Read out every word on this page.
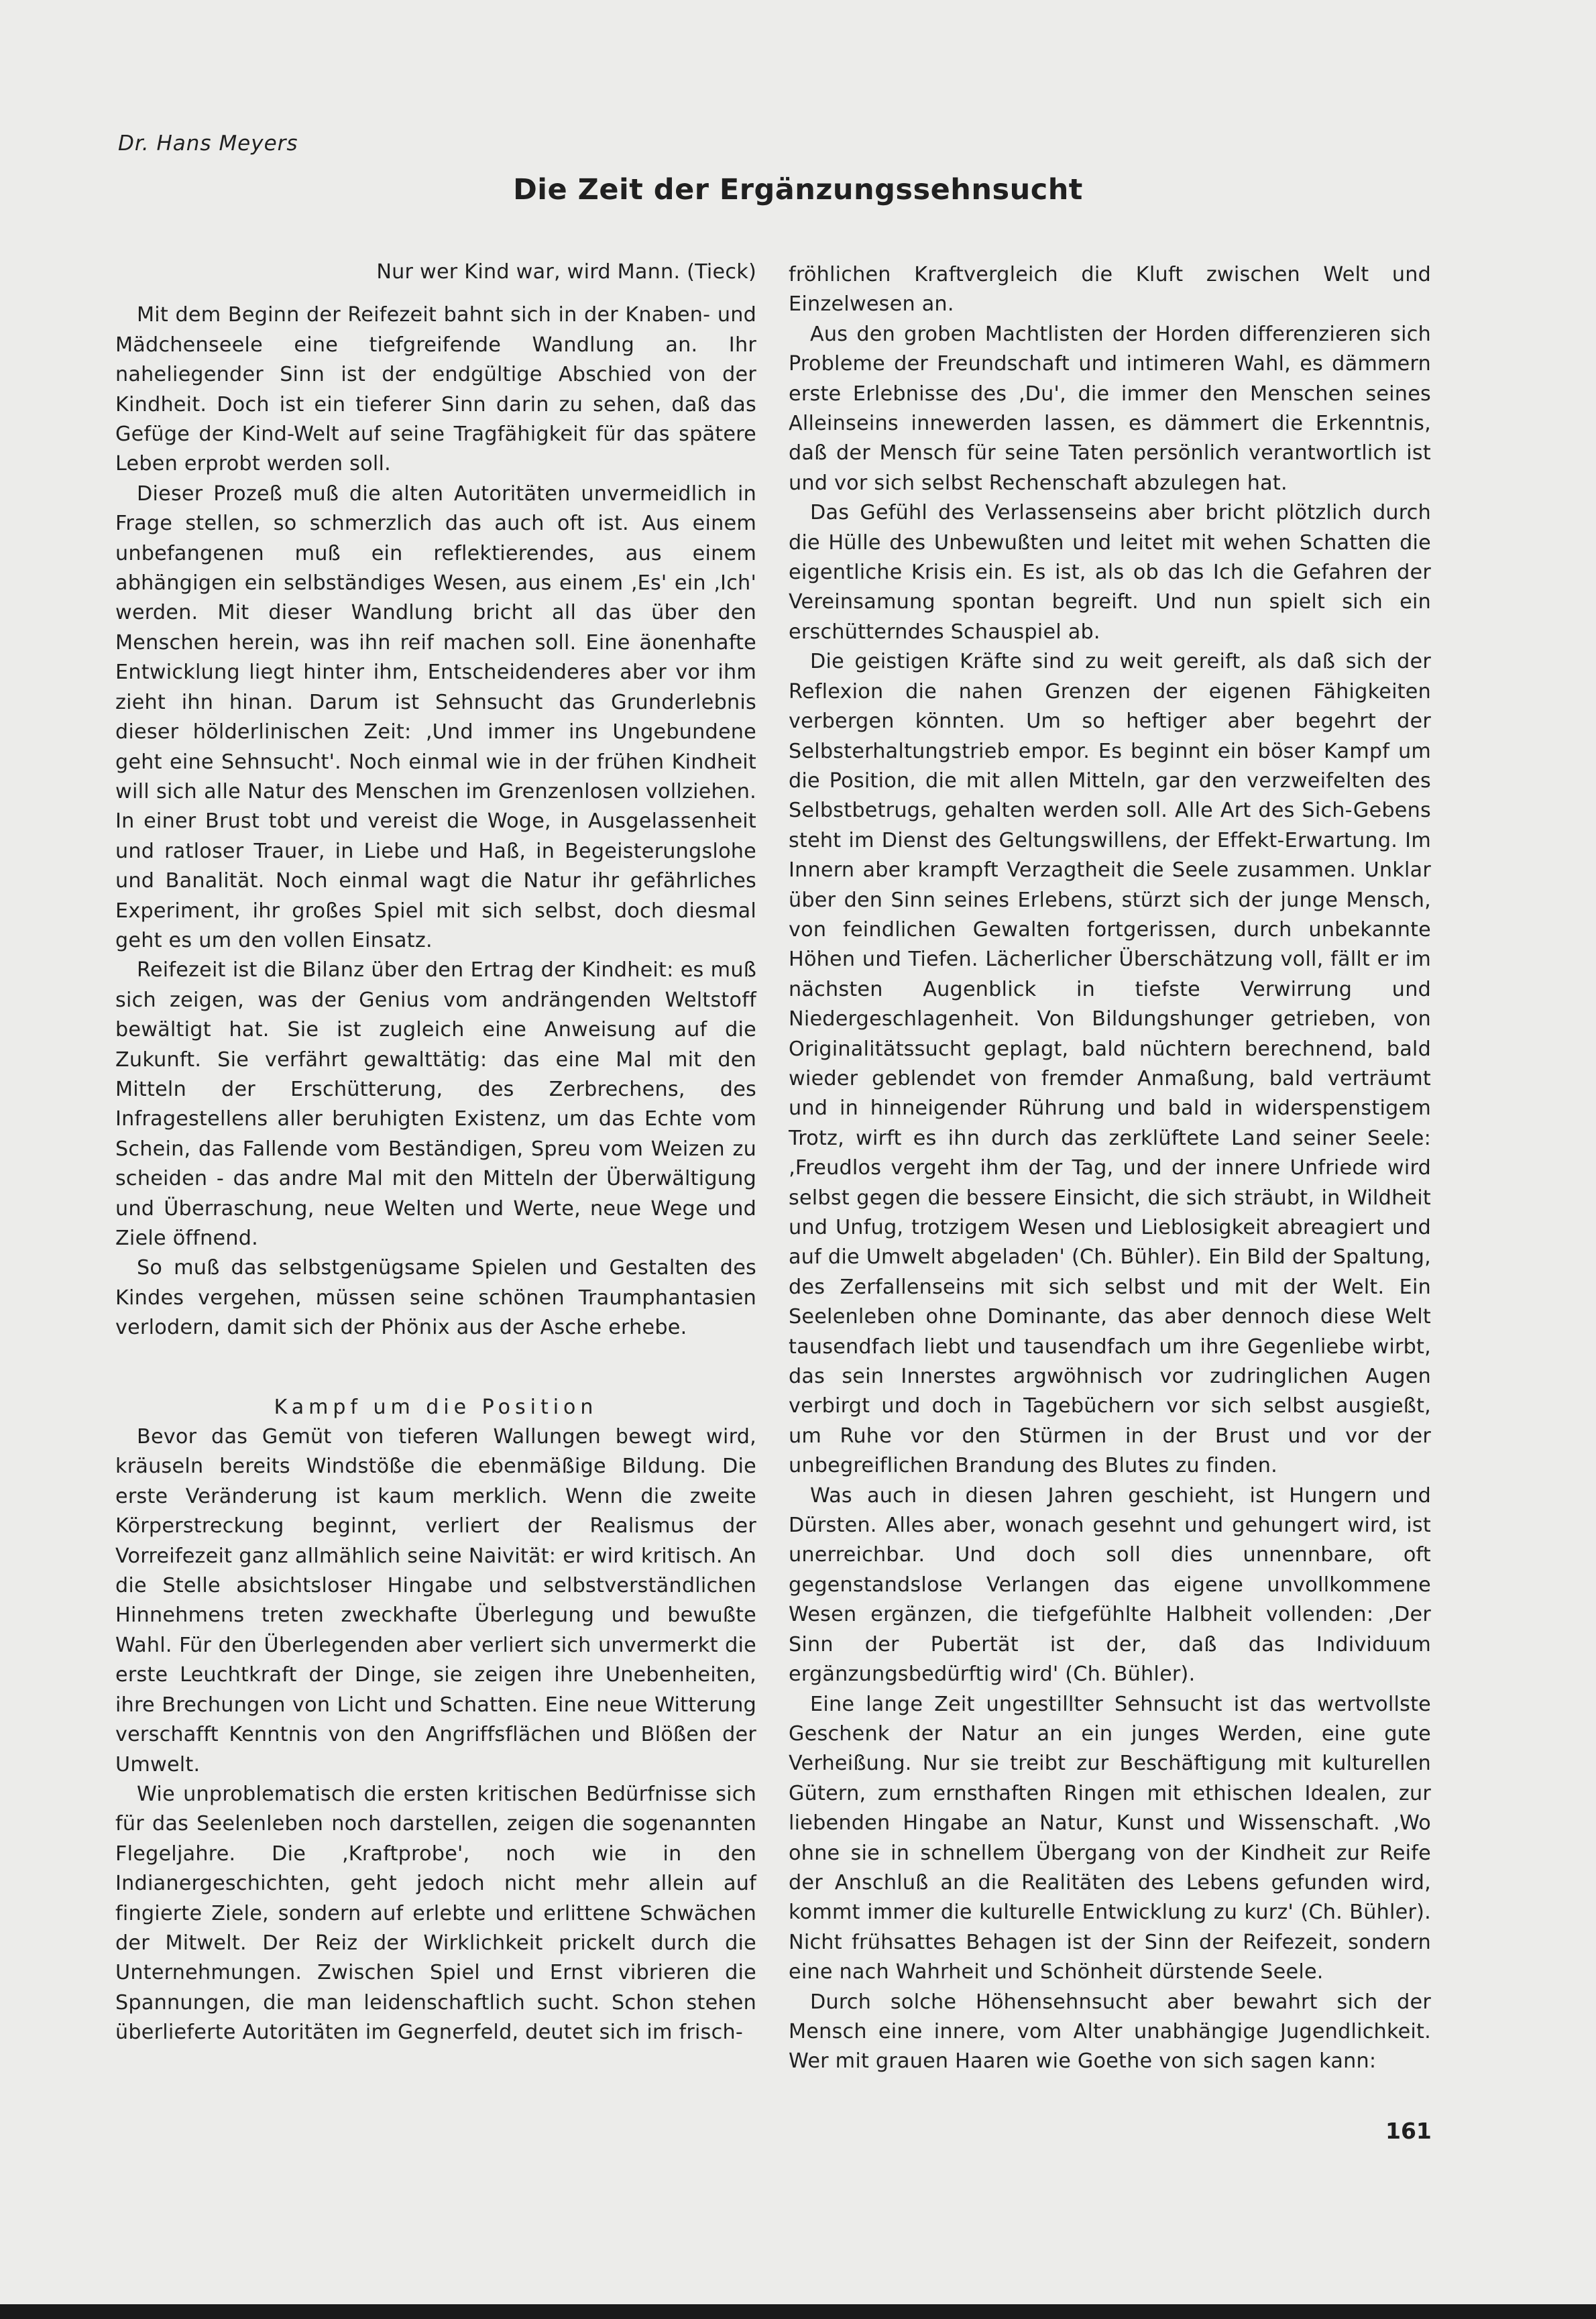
Dr. Hans Meyers
Die Zeit der Ergänzungssehnsucht

Nur wer Kind war, wird Mann. (Tieck)

Mit dem Beginn der Reifezeit bahnt sich in der Knaben- und Mädchenseele eine tiefgreifende Wandlung an. Ihr naheliegender Sinn ist der endgültige Abschied von der Kindheit. Doch ist ein tieferer Sinn darin zu sehen, daß das Gefüge der Kind-Welt auf seine Tragfähigkeit für das spätere Leben erprobt werden soll.

Dieser Prozeß muß die alten Autoritäten unvermeidlich in Frage stellen, so schmerzlich das auch oft ist. Aus einem unbefangenen muß ein reflektierendes, aus einem abhängigen ein selbständiges Wesen, aus einem ‚Es' ein ‚Ich' werden. Mit dieser Wandlung bricht all das über den Menschen herein, was ihn reif machen soll. Eine äonenhafte Entwicklung liegt hinter ihm, Entscheidenderes aber vor ihm zieht ihn hinan. Darum ist Sehnsucht das Grunderlebnis dieser hölderlinischen Zeit: ‚Und immer ins Ungebundene geht eine Sehnsucht'. Noch einmal wie in der frühen Kindheit will sich alle Natur des Menschen im Grenzenlosen vollziehen. In einer Brust tobt und vereist die Woge, in Ausgelassenheit und ratloser Trauer, in Liebe und Haß, in Begeisterungslohe und Banalität. Noch einmal wagt die Natur ihr gefährliches Experiment, ihr großes Spiel mit sich selbst, doch diesmal geht es um den vollen Einsatz.

Reifezeit ist die Bilanz über den Ertrag der Kindheit: es muß sich zeigen, was der Genius vom andrängenden Weltstoff bewältigt hat. Sie ist zugleich eine Anweisung auf die Zukunft. Sie verfährt gewalttätig: das eine Mal mit den Mitteln der Erschütterung, des Zerbrechens, des Infragestellens aller beruhigten Existenz, um das Echte vom Schein, das Fallende vom Beständigen, Spreu vom Weizen zu scheiden - das andre Mal mit den Mitteln der Überwältigung und Überraschung, neue Welten und Werte, neue Wege und Ziele öffnend.

So muß das selbstgenügsame Spielen und Gestalten des Kindes vergehen, müssen seine schönen Traumphantasien verlodern, damit sich der Phönix aus der Asche erhebe.

Kampf um die Position

Bevor das Gemüt von tieferen Wallungen bewegt wird, kräuseln bereits Windstöße die ebenmäßige Bildung. Die erste Veränderung ist kaum merklich. Wenn die zweite Körperstreckung beginnt, verliert der Realismus der Vorreifezeit ganz allmählich seine Naivität: er wird kritisch. An die Stelle absichtsloser Hingabe und selbstverständlichen Hinnehmens treten zweckhafte Überlegung und bewußte Wahl. Für den Überlegenden aber verliert sich unvermerkt die erste Leuchtkraft der Dinge, sie zeigen ihre Unebenheiten, ihre Brechungen von Licht und Schatten. Eine neue Witterung verschafft Kenntnis von den Angriffsflächen und Blößen der Umwelt.

Wie unproblematisch die ersten kritischen Bedürfnisse sich für das Seelenleben noch darstellen, zeigen die sogenannten Flegeljahre. Die ‚Kraftprobe', noch wie in den Indianergeschichten, geht jedoch nicht mehr allein auf fingierte Ziele, sondern auf erlebte und erlittene Schwächen der Mitwelt. Der Reiz der Wirklichkeit prickelt durch die Unternehmungen. Zwischen Spiel und Ernst vibrieren die Spannungen, die man leidenschaftlich sucht. Schon stehen überlieferte Autoritäten im Gegnerfeld, deutet sich im frisch-

fröhlichen Kraftvergleich die Kluft zwischen Welt und Einzelwesen an.

Aus den groben Machtlisten der Horden differenzieren sich Probleme der Freundschaft und intimeren Wahl, es dämmern erste Erlebnisse des ‚Du', die immer den Menschen seines Alleinseins innewerden lassen, es dämmert die Erkenntnis, daß der Mensch für seine Taten persönlich verantwortlich ist und vor sich selbst Rechenschaft abzulegen hat.

Das Gefühl des Verlassenseins aber bricht plötzlich durch die Hülle des Unbewußten und leitet mit wehen Schatten die eigentliche Krisis ein. Es ist, als ob das Ich die Gefahren der Vereinsamung spontan begreift. Und nun spielt sich ein erschütterndes Schauspiel ab.

Die geistigen Kräfte sind zu weit gereift, als daß sich der Reflexion die nahen Grenzen der eigenen Fähigkeiten verbergen könnten. Um so heftiger aber begehrt der Selbsterhaltungstrieb empor. Es beginnt ein böser Kampf um die Position, die mit allen Mitteln, gar den verzweifelten des Selbstbetrugs, gehalten werden soll. Alle Art des Sich-Gebens steht im Dienst des Geltungswillens, der Effekt-Erwartung. Im Innern aber krampft Verzagtheit die Seele zusammen. Unklar über den Sinn seines Erlebens, stürzt sich der junge Mensch, von feindlichen Gewalten fortgerissen, durch unbekannte Höhen und Tiefen. Lächerlicher Überschätzung voll, fällt er im nächsten Augenblick in tiefste Verwirrung und Niedergeschlagenheit. Von Bildungshunger getrieben, von Originalitätssucht geplagt, bald nüchtern berechnend, bald wieder geblendet von fremder Anmaßung, bald verträumt und in hinneigender Rührung und bald in widerspenstigem Trotz, wirft es ihn durch das zerklüftete Land seiner Seele: ‚Freudlos vergeht ihm der Tag, und der innere Unfriede wird selbst gegen die bessere Einsicht, die sich sträubt, in Wildheit und Unfug, trotzigem Wesen und Lieblosigkeit abreagiert und auf die Umwelt abgeladen' (Ch. Bühler). Ein Bild der Spaltung, des Zerfallenseins mit sich selbst und mit der Welt. Ein Seelenleben ohne Dominante, das aber dennoch diese Welt tausendfach liebt und tausendfach um ihre Gegenliebe wirbt, das sein Innerstes argwöhnisch vor zudringlichen Augen verbirgt und doch in Tagebüchern vor sich selbst ausgießt, um Ruhe vor den Stürmen in der Brust und vor der unbegreiflichen Brandung des Blutes zu finden.

Was auch in diesen Jahren geschieht, ist Hungern und Dürsten. Alles aber, wonach gesehnt und gehungert wird, ist unerreichbar. Und doch soll dies unnennbare, oft gegenstandslose Verlangen das eigene unvollkommene Wesen ergänzen, die tiefgefühlte Halbheit vollenden: ‚Der Sinn der Pubertät ist der, daß das Individuum ergänzungsbedürftig wird' (Ch. Bühler).

Eine lange Zeit ungestillter Sehnsucht ist das wertvollste Geschenk der Natur an ein junges Werden, eine gute Verheißung. Nur sie treibt zur Beschäftigung mit kulturellen Gütern, zum ernsthaften Ringen mit ethischen Idealen, zur liebenden Hingabe an Natur, Kunst und Wissenschaft. ‚Wo ohne sie in schnellem Übergang von der Kindheit zur Reife der Anschluß an die Realitäten des Lebens gefunden wird, kommt immer die kulturelle Entwicklung zu kurz' (Ch. Bühler). Nicht frühsattes Behagen ist der Sinn der Reifezeit, sondern eine nach Wahrheit und Schönheit dürstende Seele.

Durch solche Höhensehnsucht aber bewahrt sich der Mensch eine innere, vom Alter unabhängige Jugendlichkeit. Wer mit grauen Haaren wie Goethe von sich sagen kann:

161
